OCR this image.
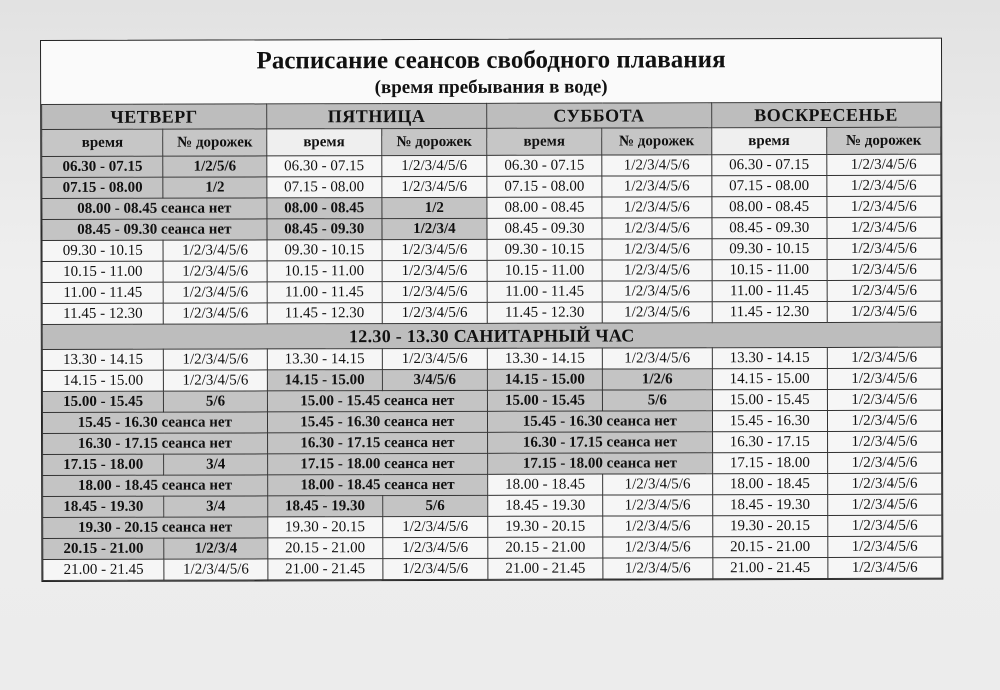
Расписание сеансов свободного плавания
(время пребывания в воде)
ЧЕТВЕРГ		ПЯТНИЦА		СУББОТА		ВОСКРЕСЕНЬЕ	
время	№ дорожек	время	№ дорожек	время	№ дорожек	время	№ дорожек
06.30 - 07.15	1/2/5/6	06.30 - 07.15	1/2/3/4/5/6	06.30 - 07.15	1/2/3/4/5/6	06.30 - 07.15	1/2/3/4/5/6
07.15 - 08.00	1/2	07.15 - 08.00	1/2/3/4/5/6	07.15 - 08.00	1/2/3/4/5/6	07.15 - 08.00	1/2/3/4/5/6
08.00 - 08.45 сеанса нет		08.00 - 08.45	1/2	08.00 - 08.45	1/2/3/4/5/6	08.00 - 08.45	1/2/3/4/5/6
08.45 - 09.30 сеанса нет		08.45 - 09.30	1/2/3/4	08.45 - 09.30	1/2/3/4/5/6	08.45 - 09.30	1/2/3/4/5/6
09.30 - 10.15	1/2/3/4/5/6	09.30 - 10.15	1/2/3/4/5/6	09.30 - 10.15	1/2/3/4/5/6	09.30 - 10.15	1/2/3/4/5/6
10.15 - 11.00	1/2/3/4/5/6	10.15 - 11.00	1/2/3/4/5/6	10.15 - 11.00	1/2/3/4/5/6	10.15 - 11.00	1/2/3/4/5/6
11.00 - 11.45	1/2/3/4/5/6	11.00 - 11.45	1/2/3/4/5/6	11.00 - 11.45	1/2/3/4/5/6	11.00 - 11.45	1/2/3/4/5/6
11.45 - 12.30	1/2/3/4/5/6	11.45 - 12.30	1/2/3/4/5/6	11.45 - 12.30	1/2/3/4/5/6	11.45 - 12.30	1/2/3/4/5/6
12.30 - 13.30 САНИТАРНЫЙ ЧАС							
13.30 - 14.15	1/2/3/4/5/6	13.30 - 14.15	1/2/3/4/5/6	13.30 - 14.15	1/2/3/4/5/6	13.30 - 14.15	1/2/3/4/5/6
14.15 - 15.00	1/2/3/4/5/6	14.15 - 15.00	3/4/5/6	14.15 - 15.00	1/2/6	14.15 - 15.00	1/2/3/4/5/6
15.00 - 15.45	5/6	15.00 - 15.45 сеанса нет		15.00 - 15.45	5/6	15.00 - 15.45	1/2/3/4/5/6
15.45 - 16.30 сеанса нет		15.45 - 16.30 сеанса нет		15.45 - 16.30 сеанса нет		15.45 - 16.30	1/2/3/4/5/6
16.30 - 17.15 сеанса нет		16.30 - 17.15 сеанса нет		16.30 - 17.15 сеанса нет		16.30 - 17.15	1/2/3/4/5/6
17.15 - 18.00	3/4	17.15 - 18.00 сеанса нет		17.15 - 18.00 сеанса нет		17.15 - 18.00	1/2/3/4/5/6
18.00 - 18.45 сеанса нет		18.00 - 18.45 сеанса нет		18.00 - 18.45	1/2/3/4/5/6	18.00 - 18.45	1/2/3/4/5/6
18.45 - 19.30	3/4	18.45 - 19.30	5/6	18.45 - 19.30	1/2/3/4/5/6	18.45 - 19.30	1/2/3/4/5/6
19.30 - 20.15 сеанса нет		19.30 - 20.15	1/2/3/4/5/6	19.30 - 20.15	1/2/3/4/5/6	19.30 - 20.15	1/2/3/4/5/6
20.15 - 21.00	1/2/3/4	20.15 - 21.00	1/2/3/4/5/6	20.15 - 21.00	1/2/3/4/5/6	20.15 - 21.00	1/2/3/4/5/6
21.00 - 21.45	1/2/3/4/5/6	21.00 - 21.45	1/2/3/4/5/6	21.00 - 21.45	1/2/3/4/5/6	21.00 - 21.45	1/2/3/4/5/6
